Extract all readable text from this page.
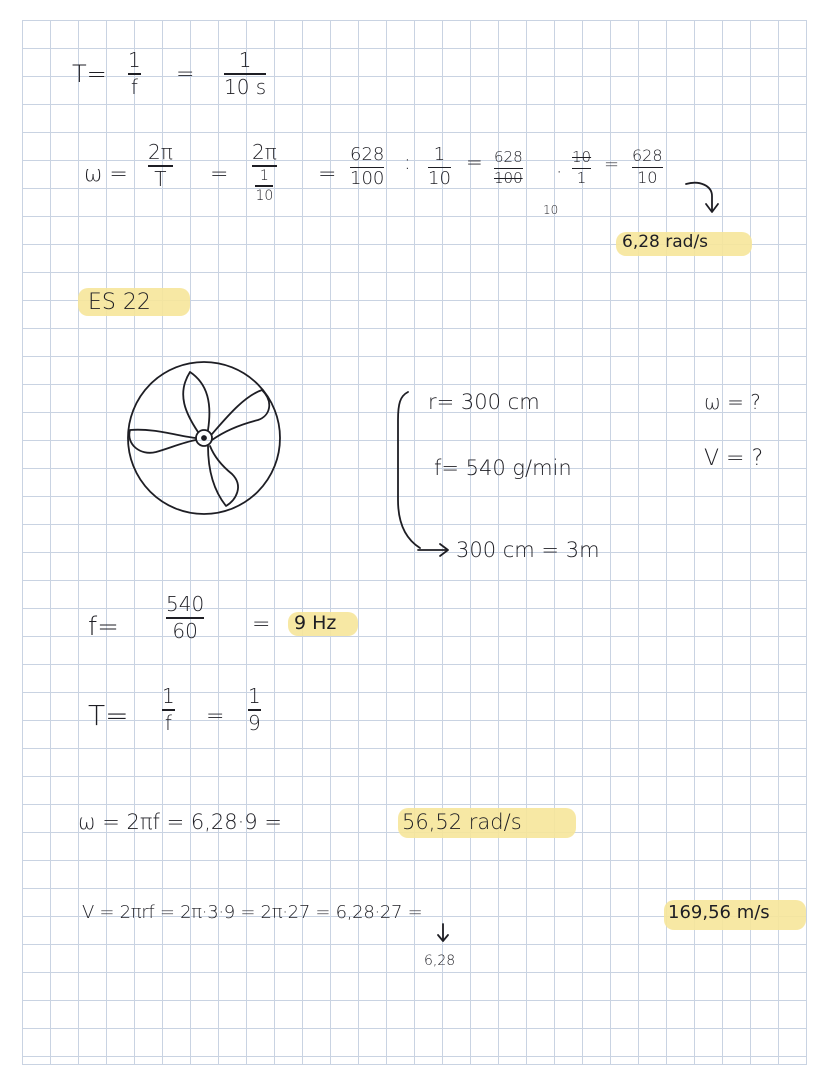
T= 1
f =

1
10 s

ω =

2π
T =

2π
$\frac{1}{10}$ =

628
100

: 1
10

= 628
100 ·

10

10
1

= 628
10

6,28 rad/s

ES 22

r= 300 cm

f= 540 g/min

300 cm = 3m

ω = ?

V = ?

f=

540
60 = 9 Hz

T=

1
f =

1
9

ω = 2πf = 6,28·9 =	56,52 rad/s

V = 2πrf = 2π·3·9 = 2π·27 = 6,28·27 =	169,56 m/s

6,28
